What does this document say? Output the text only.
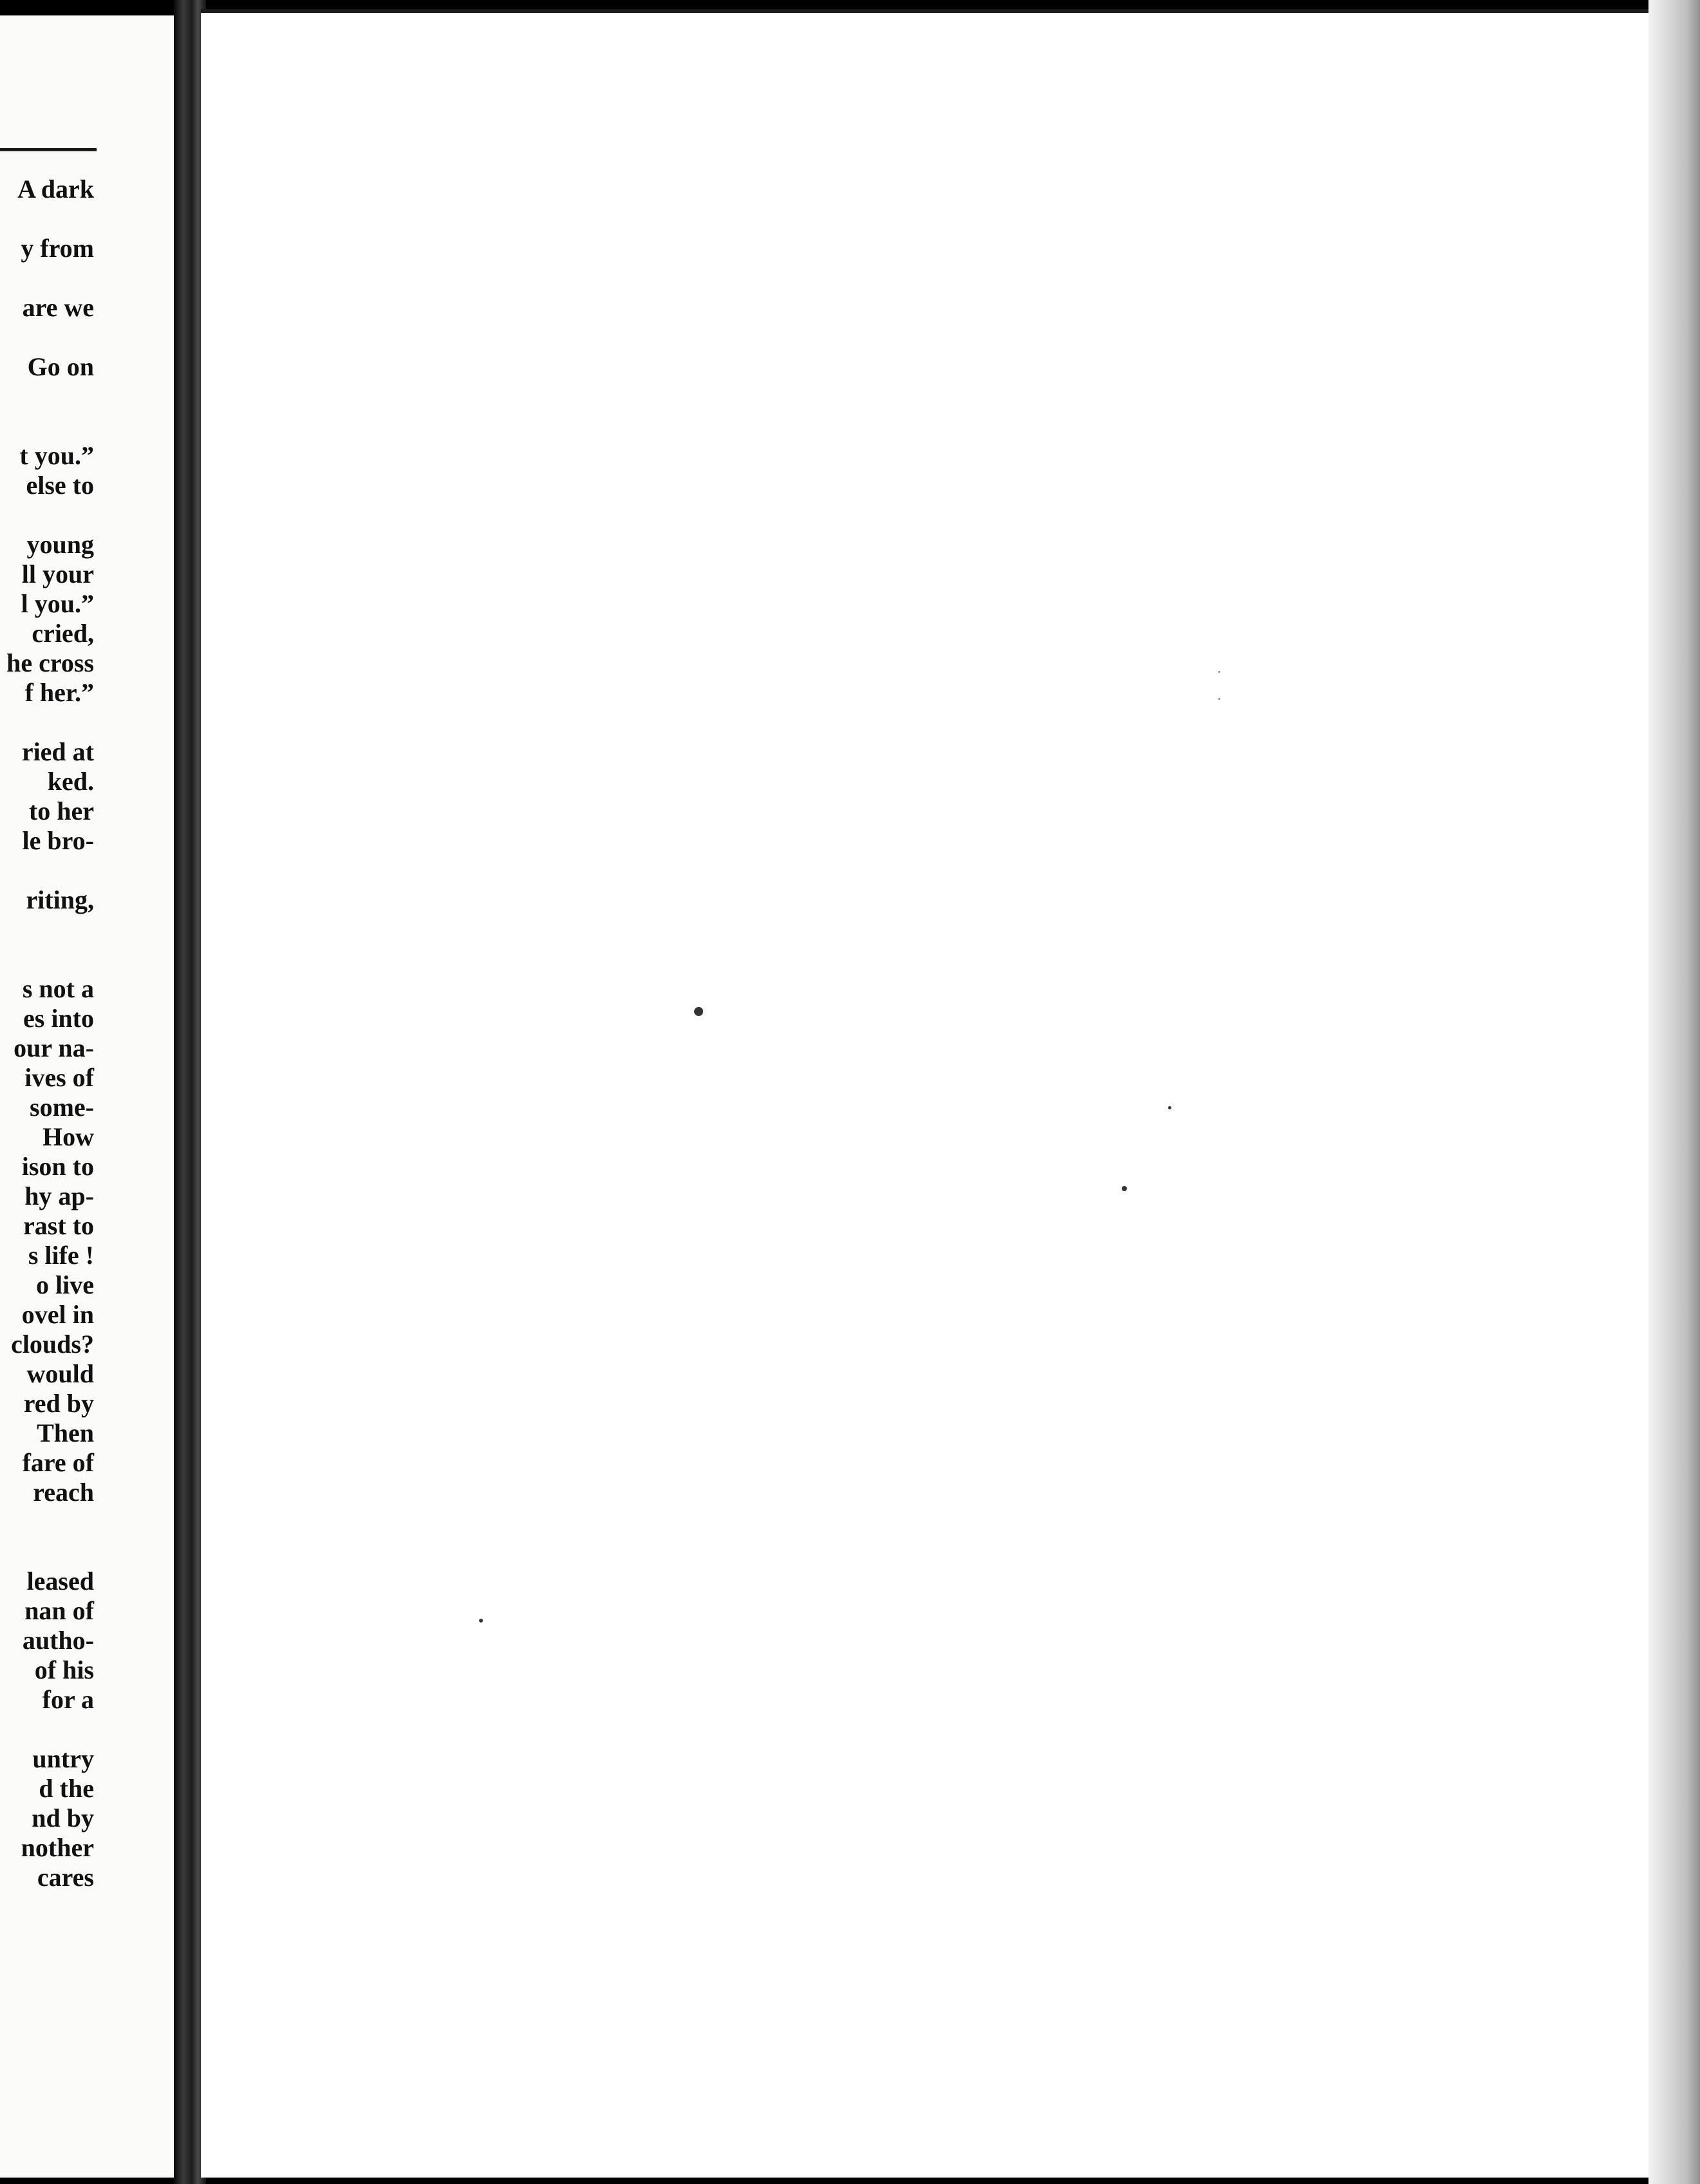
A dark
y from
are we
Go on
t you.”
else to
young
ll your
l you.”
cried,
he cross
f her.”
ried at
ked.
to her
le bro-
riting,
s not a
es into
our na-
ives of
some-
How
ison to
hy ap-
rast to
s life !
o live
ovel in
clouds?
would
red by
Then
fare of
reach
leased
nan of
autho-
of his
for a
untry
d the
nd by
nother
cares
